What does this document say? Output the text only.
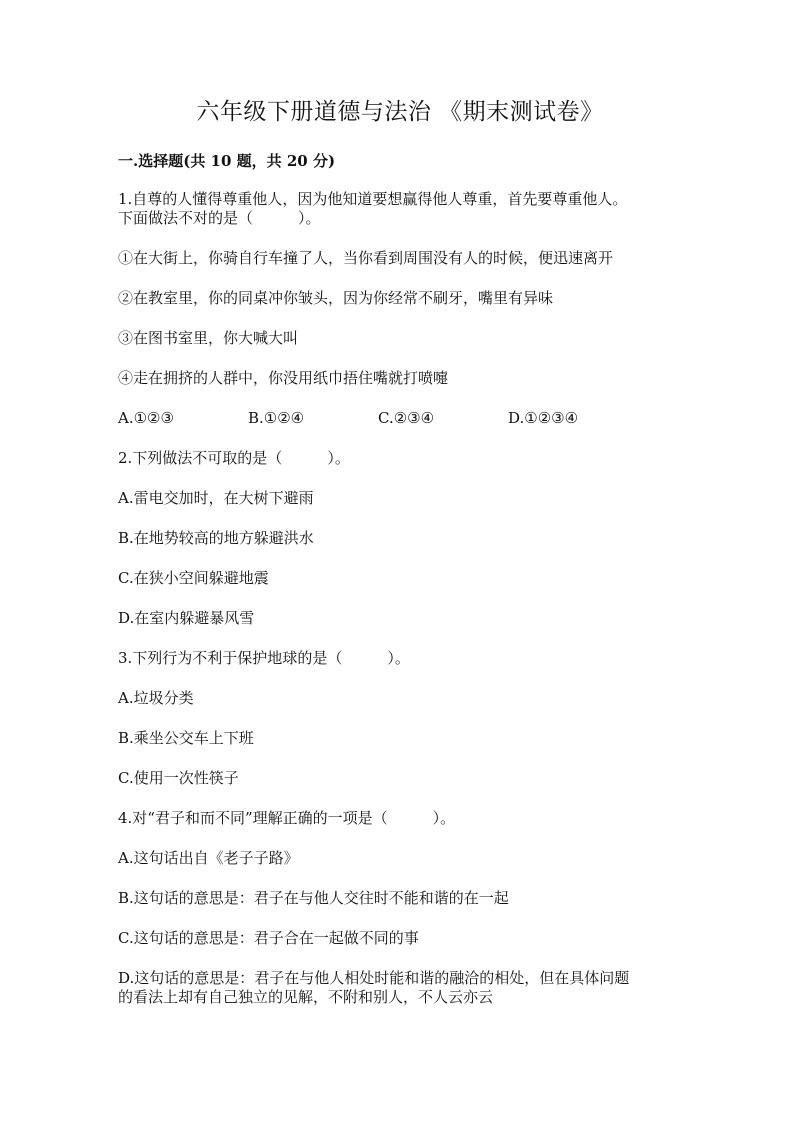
六年级下册道德与法治 《期末测试卷》
一.选择题(共 10 题，共 20 分)

1.自尊的人懂得尊重他人，因为他知道要想赢得他人尊重，首先要尊重他人。
下面做法不对的是（　　　）。

①在大街上，你骑自行车撞了人，当你看到周围没有人的时候，便迅速离开

②在教室里，你的同桌冲你皱头，因为你经常不刷牙，嘴里有异味

③在图书室里，你大喊大叫

④走在拥挤的人群中，你没用纸巾捂住嘴就打喷嚏

A.①②③	B.①②④	C.②③④	D.①②③④

2.下列做法不可取的是（　　　）。

A.雷电交加时，在大树下避雨

B.在地势较高的地方躲避洪水

C.在狭小空间躲避地震

D.在室内躲避暴风雪

3.下列行为不利于保护地球的是（　　　）。

A.垃圾分类

B.乘坐公交车上下班

C.使用一次性筷子

4.对“君子和而不同”理解正确的一项是（　　　）。

A.这句话出自《老子子路》

B.这句话的意思是：君子在与他人交往时不能和谐的在一起

C.这句话的意思是：君子合在一起做不同的事

D.这句话的意思是：君子在与他人相处时能和谐的融洽的相处，但在具体问题
的看法上却有自己独立的见解，不附和别人，不人云亦云
